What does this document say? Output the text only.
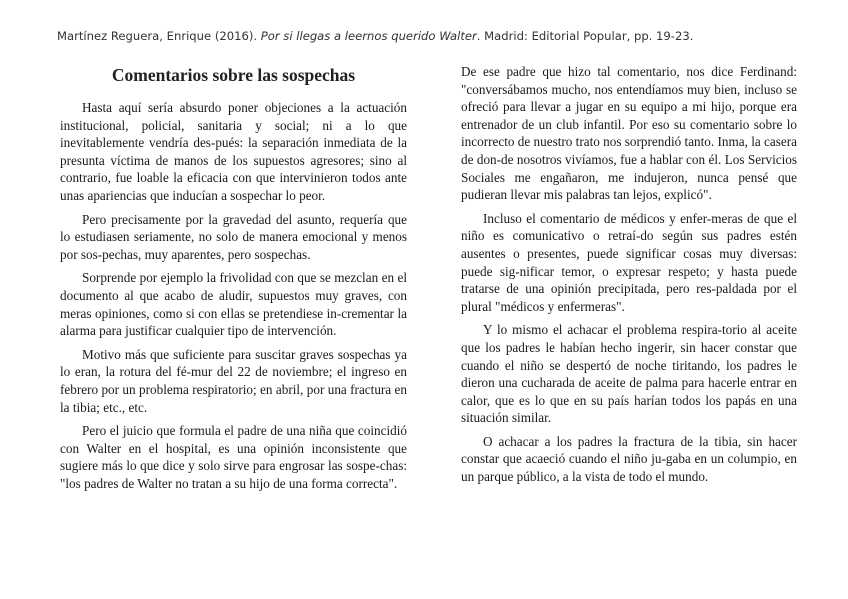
Martínez Reguera, Enrique (2016). Por si llegas a leernos querido Walter. Madrid: Editorial Popular, pp. 19-23.
Comentarios sobre las sospechas

Hasta aquí sería absurdo poner objeciones a la actuación institucional, policial, sanitaria y social; ni a lo que inevitablemente vendría des-pués: la separación inmediata de la presunta víctima de manos de los supuestos agresores; sino al contrario, fue loable la eficacia con que intervinieron todos ante unas apariencias que inducían a sospechar lo peor.

Pero precisamente por la gravedad del asunto, requería que lo estudiasen seriamente, no solo de manera emocional y menos por sos-pechas, muy aparentes, pero sospechas.

Sorprende por ejemplo la frivolidad con que se mezclan en el documento al que acabo de aludir, supuestos muy graves, con meras opiniones, como si con ellas se pretendiese in-crementar la alarma para justificar cualquier tipo de intervención.

Motivo más que suficiente para suscitar graves sospechas ya lo eran, la rotura del fé-mur del 22 de noviembre; el ingreso en febrero por un problema respiratorio; en abril, por una fractura en la tibia; etc., etc.

Pero el juicio que formula el padre de una niña que coincidió con Walter en el hospital, es una opinión inconsistente que sugiere más lo que dice y solo sirve para engrosar las sospe-chas: "los padres de Walter no tratan a su hijo de una forma correcta".

De ese padre que hizo tal comentario, nos dice Ferdinand: "conversábamos mucho, nos entendíamos muy bien, incluso se ofreció para llevar a jugar en su equipo a mi hijo, porque era entrenador de un club infantil. Por eso su comentario sobre lo incorrecto de nuestro trato nos sorprendió tanto. Inma, la casera de don-de nosotros vivíamos, fue a hablar con él. Los Servicios Sociales me engañaron, me indujeron, nunca pensé que pudieran llevar mis palabras tan lejos, explicó".

Incluso el comentario de médicos y enfer-meras de que el niño es comunicativo o retraí-do según sus padres estén ausentes o presentes, puede significar cosas muy diversas: puede sig-nificar temor, o expresar respeto; y hasta puede tratarse de una opinión precipitada, pero res-paldada por el plural "médicos y enfermeras".

Y lo mismo el achacar el problema respira-torio al aceite que los padres le habían hecho ingerir, sin hacer constar que cuando el niño se despertó de noche tiritando, los padres le dieron una cucharada de aceite de palma para hacerle entrar en calor, que es lo que en su país harían todos los papás en una situación similar.

O achacar a los padres la fractura de la tibia, sin hacer constar que acaeció cuando el niño ju-gaba en un columpio, en un parque público, a la vista de todo el mundo.
